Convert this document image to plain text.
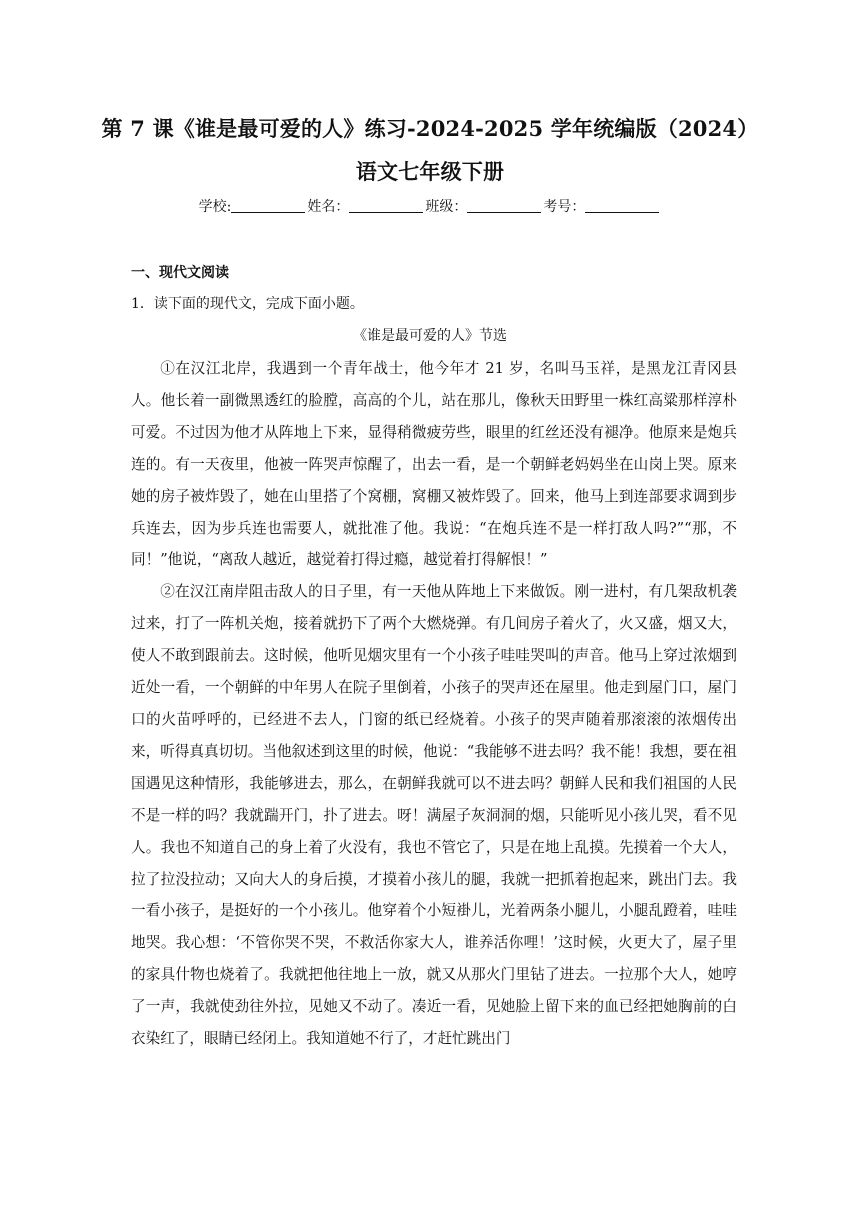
第 7 课《谁是最可爱的人》练习-2024-2025 学年统编版（2024）
语文七年级下册
学校:	姓名：	班级：	考号：
一、现代文阅读
1．读下面的现代文，完成下面小题。
《谁是最可爱的人》节选

①在汉江北岸，我遇到一个青年战士，他今年才 21 岁，名叫马玉祥，是黑龙江青冈县人。他长着一副微黑透红的脸膛，高高的个儿，站在那儿，像秋天田野里一株红高粱那样淳朴可爱。不过因为他才从阵地上下来，显得稍微疲劳些，眼里的红丝还没有褪净。他原来是炮兵连的。有一天夜里，他被一阵哭声惊醒了，出去一看，是一个朝鲜老妈妈坐在山岗上哭。原来她的房子被炸毁了，她在山里搭了个窝棚，窝棚又被炸毁了。回来，他马上到连部要求调到步兵连去，因为步兵连也需要人，就批准了他。我说：“在炮兵连不是一样打敌人吗?”“那，不同！”他说，“离敌人越近，越觉着打得过瘾，越觉着打得解恨！”

②在汉江南岸阻击敌人的日子里，有一天他从阵地上下来做饭。刚一进村，有几架敌机袭过来，打了一阵机关炮，接着就扔下了两个大燃烧弹。有几间房子着火了，火又盛，烟又大，使人不敢到跟前去。这时候，他听见烟灾里有一个小孩子哇哇哭叫的声音。他马上穿过浓烟到近处一看，一个朝鲜的中年男人在院子里倒着，小孩子的哭声还在屋里。他走到屋门口，屋门口的火苗呼呼的，已经进不去人，门窗的纸已经烧着。小孩子的哭声随着那滚滚的浓烟传出来，听得真真切切。当他叙述到这里的时候，他说：“我能够不进去吗？我不能！我想，要在祖国遇见这种情形，我能够进去，那么，在朝鲜我就可以不进去吗？朝鲜人民和我们祖国的人民不是一样的吗？我就踹开门，扑了进去。呀！满屋子灰洞洞的烟，只能听见小孩儿哭，看不见人。我也不知道自己的身上着了火没有，我也不管它了，只是在地上乱摸。先摸着一个大人，拉了拉没拉动；又向大人的身后摸，才摸着小孩儿的腿，我就一把抓着抱起来，跳出门去。我一看小孩子，是挺好的一个小孩儿。他穿着个小短褂儿，光着两条小腿儿，小腿乱蹬着，哇哇地哭。我心想：‘不管你哭不哭，不救活你家大人，谁养活你哩！’这时候，火更大了，屋子里的家具什物也烧着了。我就把他往地上一放，就又从那火门里钻了进去。一拉那个大人，她哼了一声，我就使劲往外拉，见她又不动了。凑近一看，见她脸上留下来的血已经把她胸前的白衣染红了，眼睛已经闭上。我知道她不行了，才赶忙跳出门
